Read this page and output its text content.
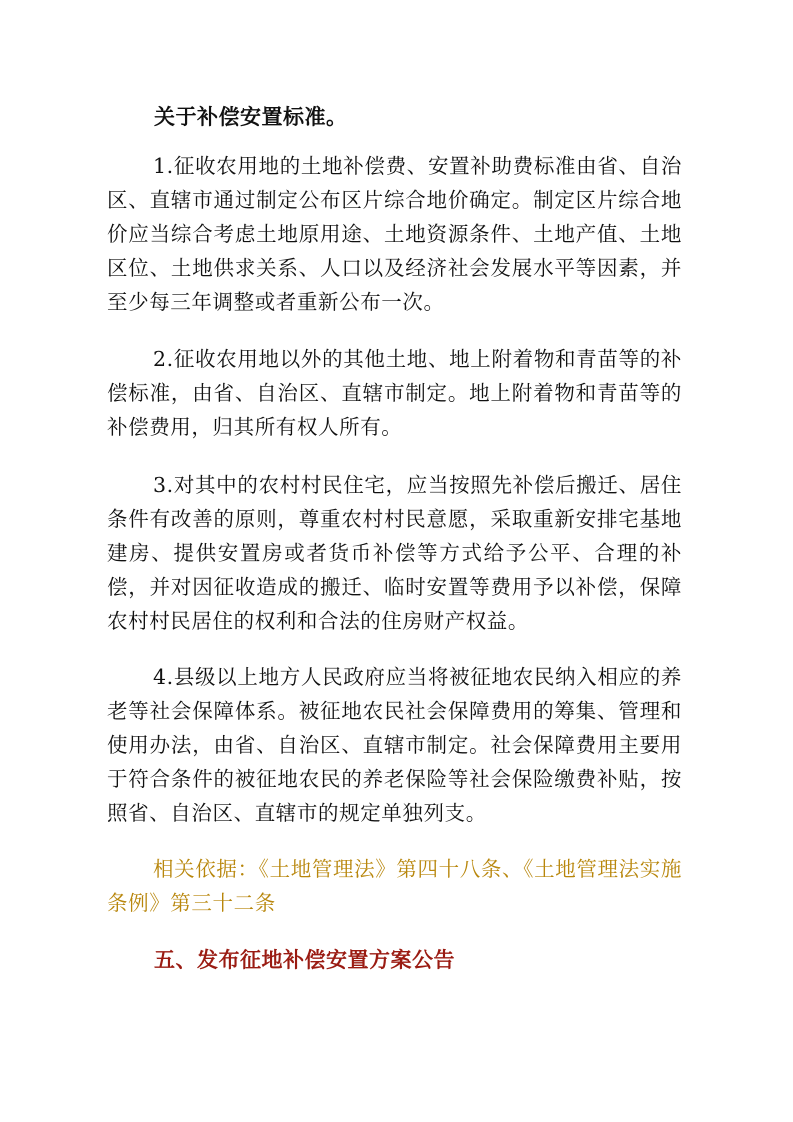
关于补偿安置标准。

1.征收农用地的土地补偿费、安置补助费标准由省、自治区、直辖市通过制定公布区片综合地价确定。制定区片综合地价应当综合考虑土地原用途、土地资源条件、土地产值、土地区位、土地供求关系、人口以及经济社会发展水平等因素，并至少每三年调整或者重新公布一次。

2.征收农用地以外的其他土地、地上附着物和青苗等的补偿标准，由省、自治区、直辖市制定。地上附着物和青苗等的补偿费用，归其所有权人所有。

3.对其中的农村村民住宅，应当按照先补偿后搬迁、居住条件有改善的原则，尊重农村村民意愿，采取重新安排宅基地建房、提供安置房或者货币补偿等方式给予公平、合理的补偿，并对因征收造成的搬迁、临时安置等费用予以补偿，保障农村村民居住的权利和合法的住房财产权益。

4.县级以上地方人民政府应当将被征地农民纳入相应的养老等社会保障体系。被征地农民社会保障费用的筹集、管理和使用办法，由省、自治区、直辖市制定。社会保障费用主要用于符合条件的被征地农民的养老保险等社会保险缴费补贴，按照省、自治区、直辖市的规定单独列支。

相关依据：《土地管理法》第四十八条、《土地管理法实施条例》第三十二条

五、发布征地补偿安置方案公告
